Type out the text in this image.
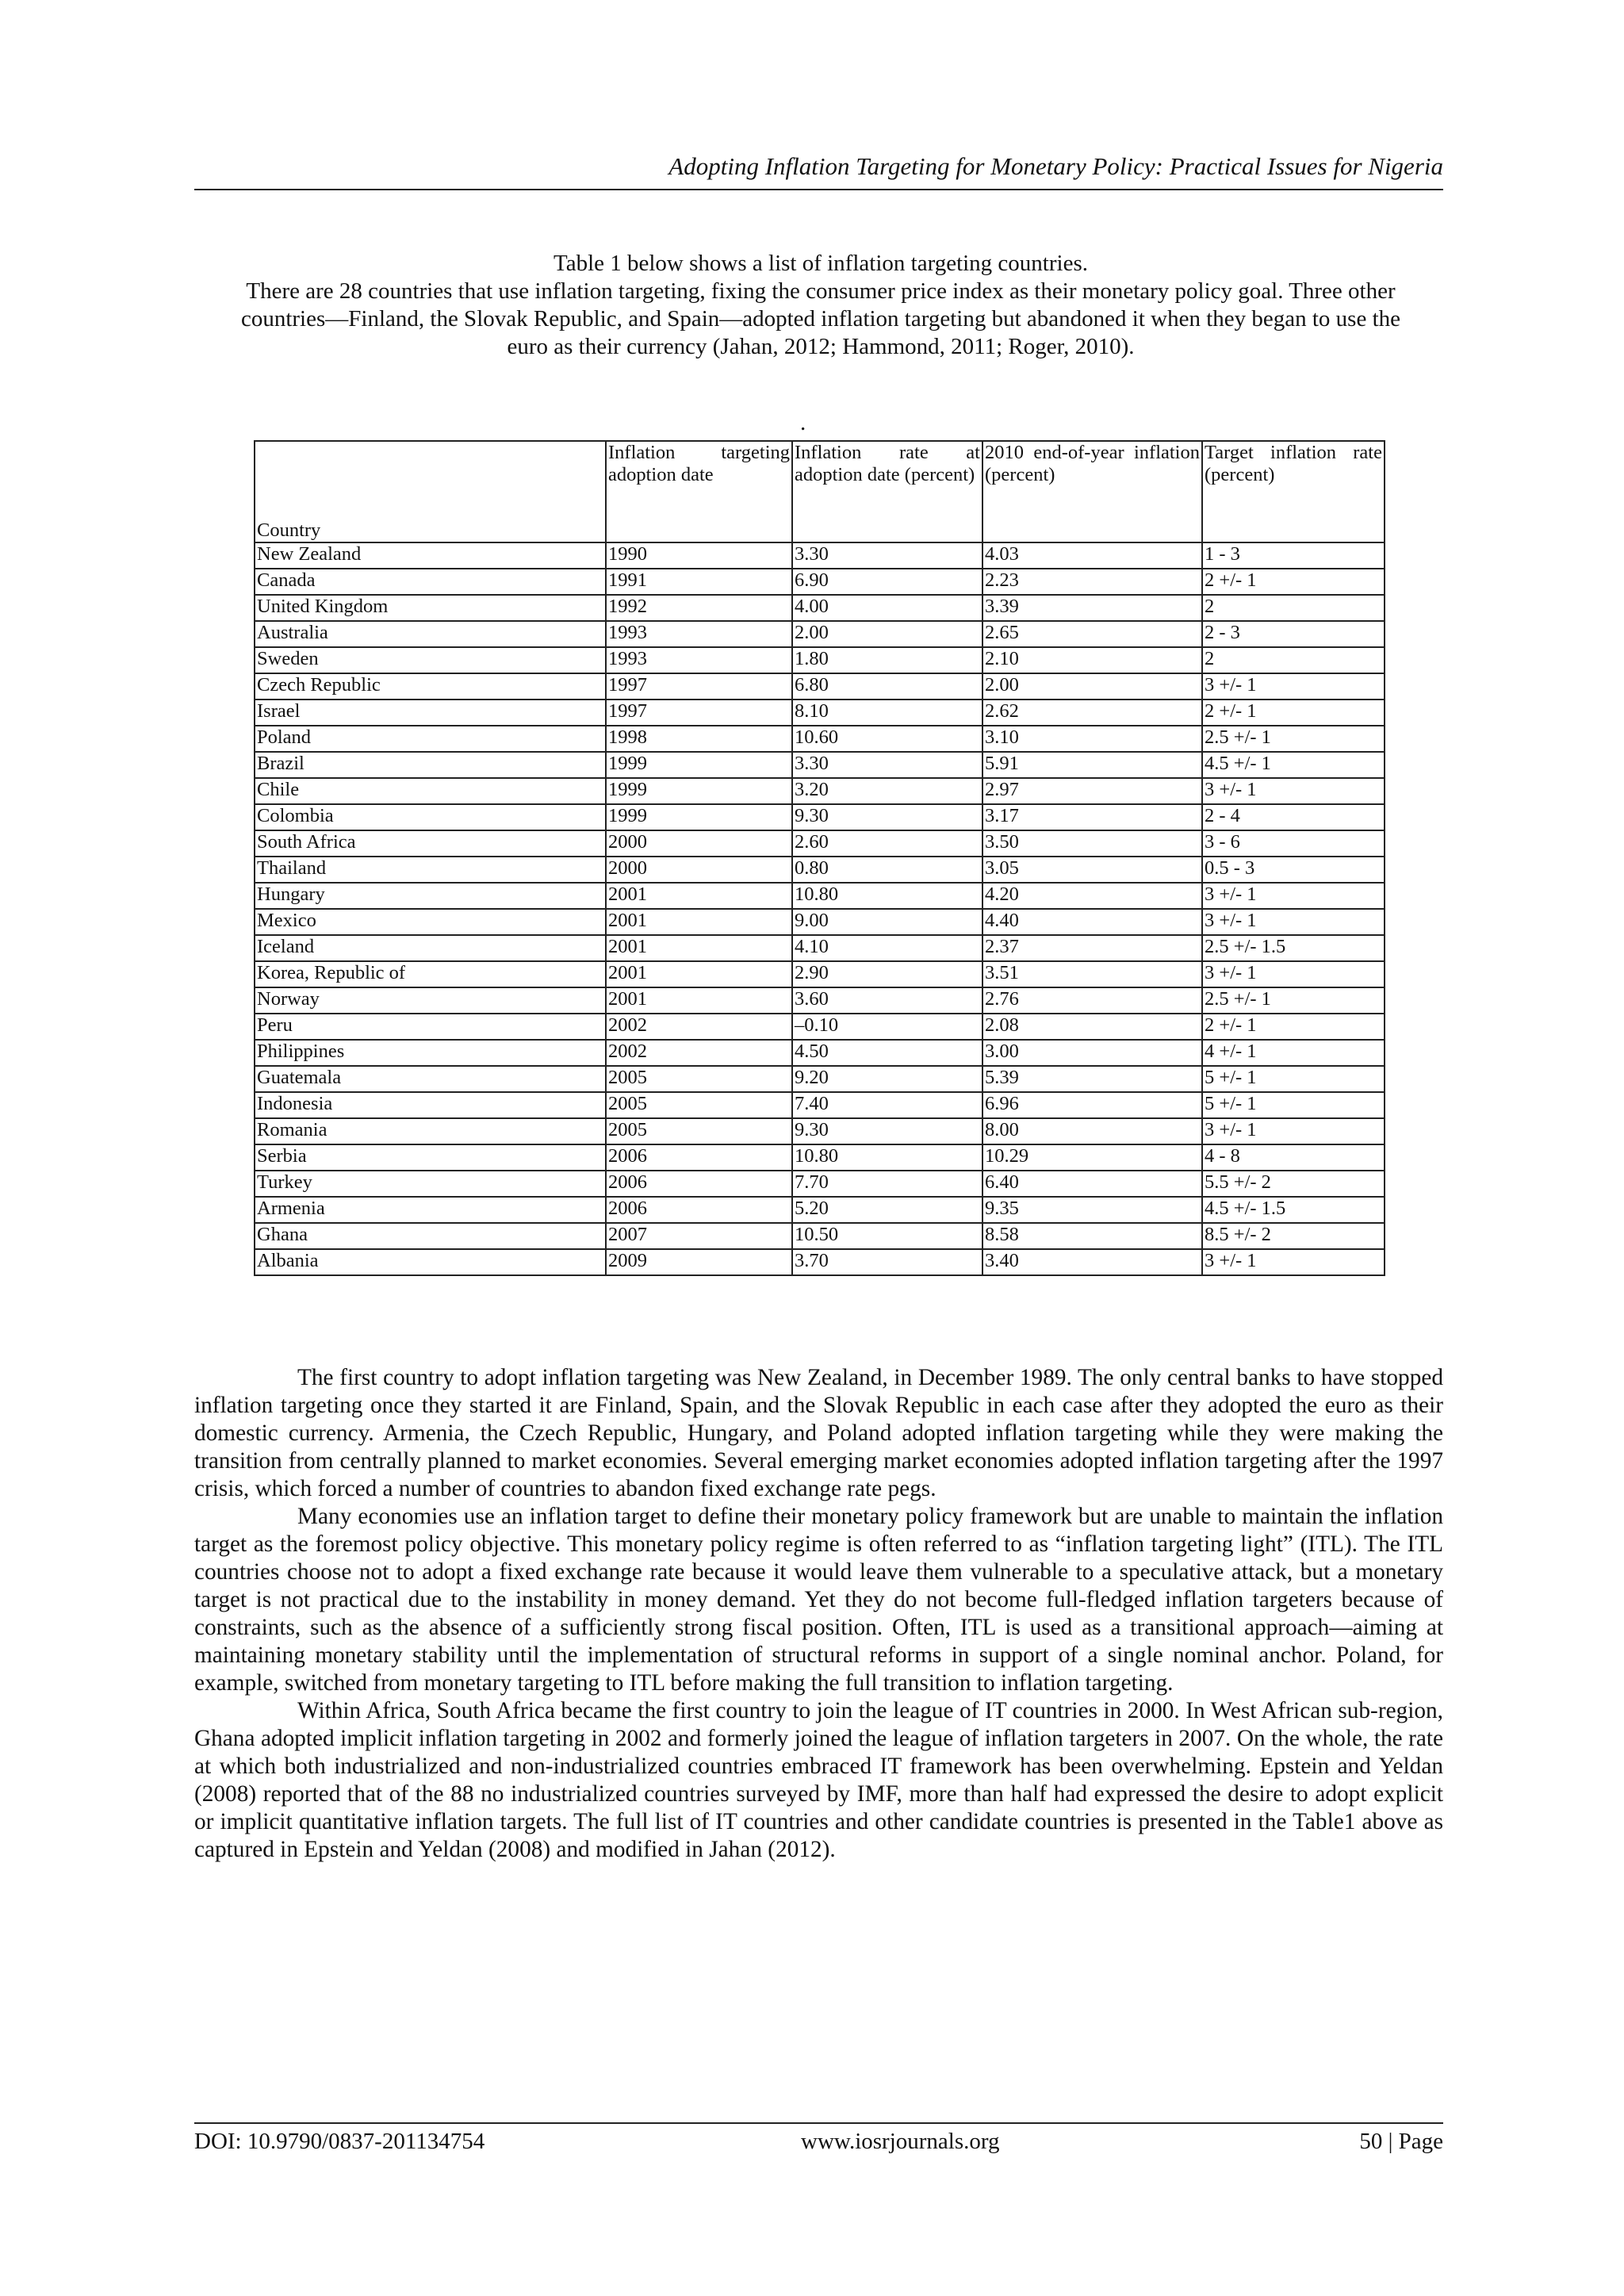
Adopting Inflation Targeting for Monetary Policy: Practical Issues for Nigeria

Table 1 below shows a list of inflation targeting countries.

There are 28 countries that use inflation targeting, fixing the consumer price index as their monetary policy goal. Three other countries—Finland, the Slovak Republic, and Spain—adopted inflation targeting but abandoned it when they began to use the euro as their currency (Jahan, 2012; Hammond, 2011; Roger, 2010).

.
Country	Inflation targeting adoption date	Inflation rate at adoption date (percent)	2010 end-of-year inflation (percent)	Target inflation rate (percent)
New Zealand	1990	3.30	4.03	1 - 3
Canada	1991	6.90	2.23	2 +/- 1
United Kingdom	1992	4.00	3.39	2
Australia	1993	2.00	2.65	2 - 3
Sweden	1993	1.80	2.10	2
Czech Republic	1997	6.80	2.00	3 +/- 1
Israel	1997	8.10	2.62	2 +/- 1
Poland	1998	10.60	3.10	2.5 +/- 1
Brazil	1999	3.30	5.91	4.5 +/- 1
Chile	1999	3.20	2.97	3 +/- 1
Colombia	1999	9.30	3.17	2 - 4
South Africa	2000	2.60	3.50	3 - 6
Thailand	2000	0.80	3.05	0.5 - 3
Hungary	2001	10.80	4.20	3 +/- 1
Mexico	2001	9.00	4.40	3 +/- 1
Iceland	2001	4.10	2.37	2.5 +/- 1.5
Korea, Republic of	2001	2.90	3.51	3 +/- 1
Norway	2001	3.60	2.76	2.5 +/- 1
Peru	2002	–0.10	2.08	2 +/- 1
Philippines	2002	4.50	3.00	4 +/- 1
Guatemala	2005	9.20	5.39	5 +/- 1
Indonesia	2005	7.40	6.96	5 +/- 1
Romania	2005	9.30	8.00	3 +/- 1
Serbia	2006	10.80	10.29	4 - 8
Turkey	2006	7.70	6.40	5.5 +/- 2
Armenia	2006	5.20	9.35	4.5 +/- 1.5
Ghana	2007	10.50	8.58	8.5 +/- 2
Albania	2009	3.70	3.40	3 +/- 1

The first country to adopt inflation targeting was New Zealand, in December 1989. The only central banks to have stopped inflation targeting once they started it are Finland, Spain, and the Slovak Republic in each case after they adopted the euro as their domestic currency. Armenia, the Czech Republic, Hungary, and Poland adopted inflation targeting while they were making the transition from centrally planned to market economies. Several emerging market economies adopted inflation targeting after the 1997 crisis, which forced a number of countries to abandon fixed exchange rate pegs.

Many economies use an inflation target to define their monetary policy framework but are unable to maintain the inflation target as the foremost policy objective. This monetary policy regime is often referred to as “inflation targeting light” (ITL). The ITL countries choose not to adopt a fixed exchange rate because it would leave them vulnerable to a speculative attack, but a monetary target is not practical due to the instability in money demand. Yet they do not become full-fledged inflation targeters because of constraints, such as the absence of a sufficiently strong fiscal position. Often, ITL is used as a transitional approach—aiming at maintaining monetary stability until the implementation of structural reforms in support of a single nominal anchor. Poland, for example, switched from monetary targeting to ITL before making the full transition to inflation targeting.

Within Africa, South Africa became the first country to join the league of IT countries in 2000. In West African sub-region, Ghana adopted implicit inflation targeting in 2002 and formerly joined the league of inflation targeters in 2007. On the whole, the rate at which both industrialized and non-industrialized countries embraced IT framework has been overwhelming. Epstein and Yeldan (2008) reported that of the 88 no industrialized countries surveyed by IMF, more than half had expressed the desire to adopt explicit or implicit quantitative inflation targets. The full list of IT countries and other candidate countries is presented in the Table1 above as captured in Epstein and Yeldan (2008) and modified in Jahan (2012).

DOI: 10.9790/0837-201134754	www.iosrjournals.org	50 | Page
